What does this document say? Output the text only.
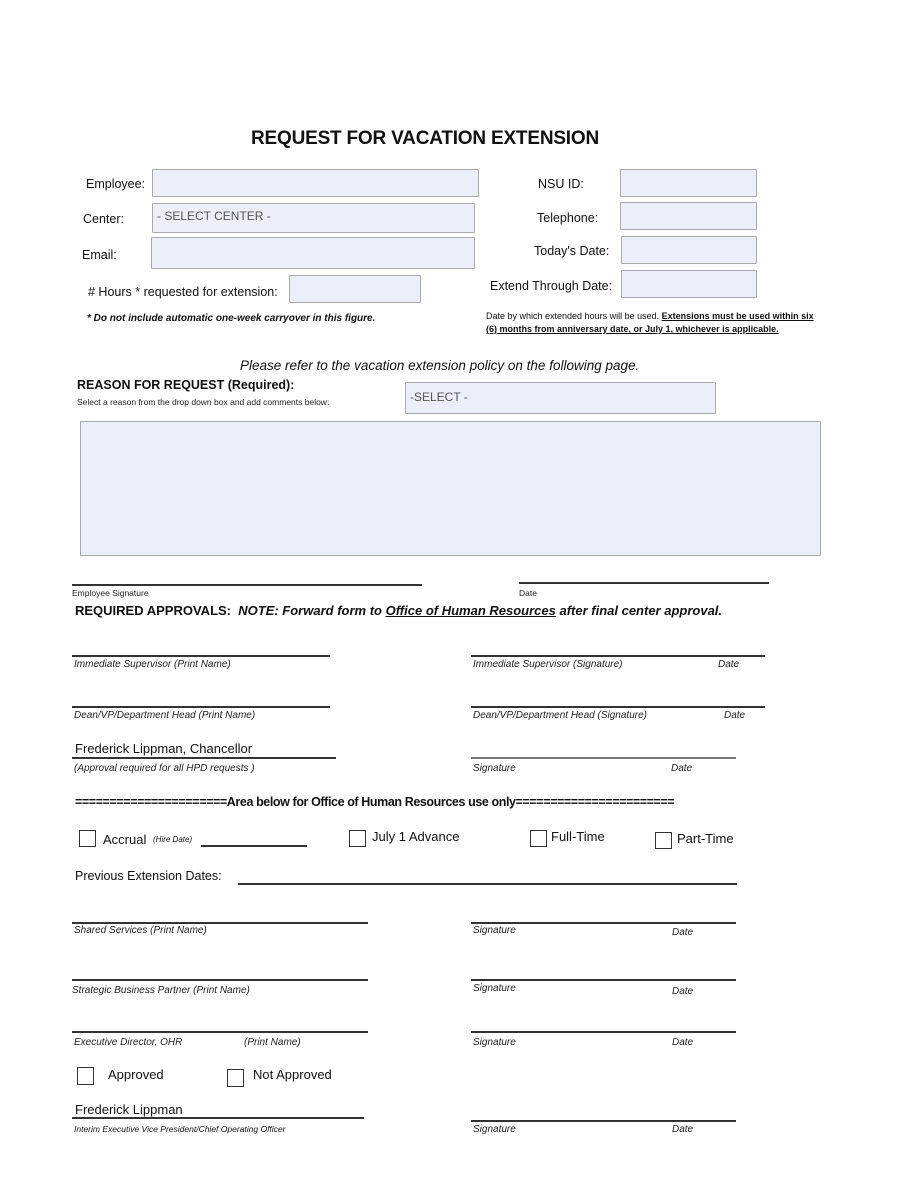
REQUEST FOR VACATION EXTENSION
Employee:
Center:	- SELECT CENTER -
Email:
# Hours * requested for extension:
* Do not include automatic one-week carryover in this figure.
NSU ID:
Telephone:
Today's Date:
Extend Through Date:
Date by which extended hours will be used. Extensions must be used within six (6) months from anniversary date, or July 1, whichever is applicable.
Please refer to the vacation extension policy on the following page.
REASON FOR REQUEST (Required):
Select a reason from the drop down box and add comments below:	-SELECT -
Employee Signature	Date
REQUIRED APPROVALS: NOTE: Forward form to Office of Human Resources after final center approval.
Immediate Supervisor (Print Name)	Immediate Supervisor (Signature)	Date
Dean/VP/Department Head (Print Name)	Dean/VP/Department Head (Signature)	Date
Frederick Lippman, Chancellor
(Approval required for all HPD requests )	Signature	Date
======================Area below for Office of Human Resources use only=======================
Accrual (Hire Date)	July 1 Advance	Full-Time	Part-Time
Previous Extension Dates:
Shared Services (Print Name)	Signature	Date
Strategic Business Partner (Print Name)	Signature	Date
Executive Director, OHR	(Print Name)	Signature	Date
Approved	Not Approved
Frederick Lippman
Interim Executive Vice President/Chief Operating Officer	Signature	Date
